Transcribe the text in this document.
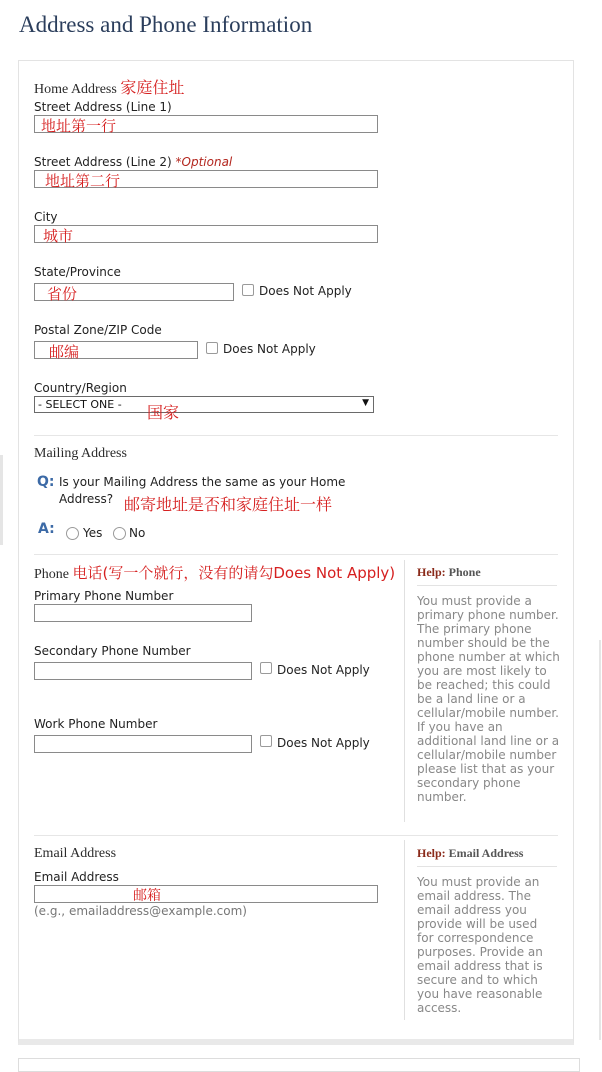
Address and Phone Information
Home Address 家庭住址
Street Address (Line 1)
地址第一行
Street Address (Line 2) *Optional
地址第二行
City
城市
State/Province
省份	Does Not Apply
Postal Zone/ZIP Code
邮编	Does Not Apply
Country/Region
- SELECT ONE -	▼
国家
Mailing Address
Q: Is your Mailing Address the same as your Home
Address? 邮寄地址是否和家庭住址一样
A: Yes No
Phone 电话(写一个就行，没有的请勾Does Not Apply)
Primary Phone Number
Secondary Phone Number
Does Not Apply
Work Phone Number
Does Not Apply
Help: Phone
You must provide a primary phone number. The primary phone number should be the phone number at which you are most likely to be reached; this could be a land line or a cellular/mobile number. If you have an additional land line or a cellular/mobile number please list that as your secondary phone number.
Email Address
Email Address
邮箱
(e.g., emailaddress@example.com)
Help: Email Address
You must provide an email address. The email address you provide will be used for correspondence purposes. Provide an email address that is secure and to which you have reasonable access.
